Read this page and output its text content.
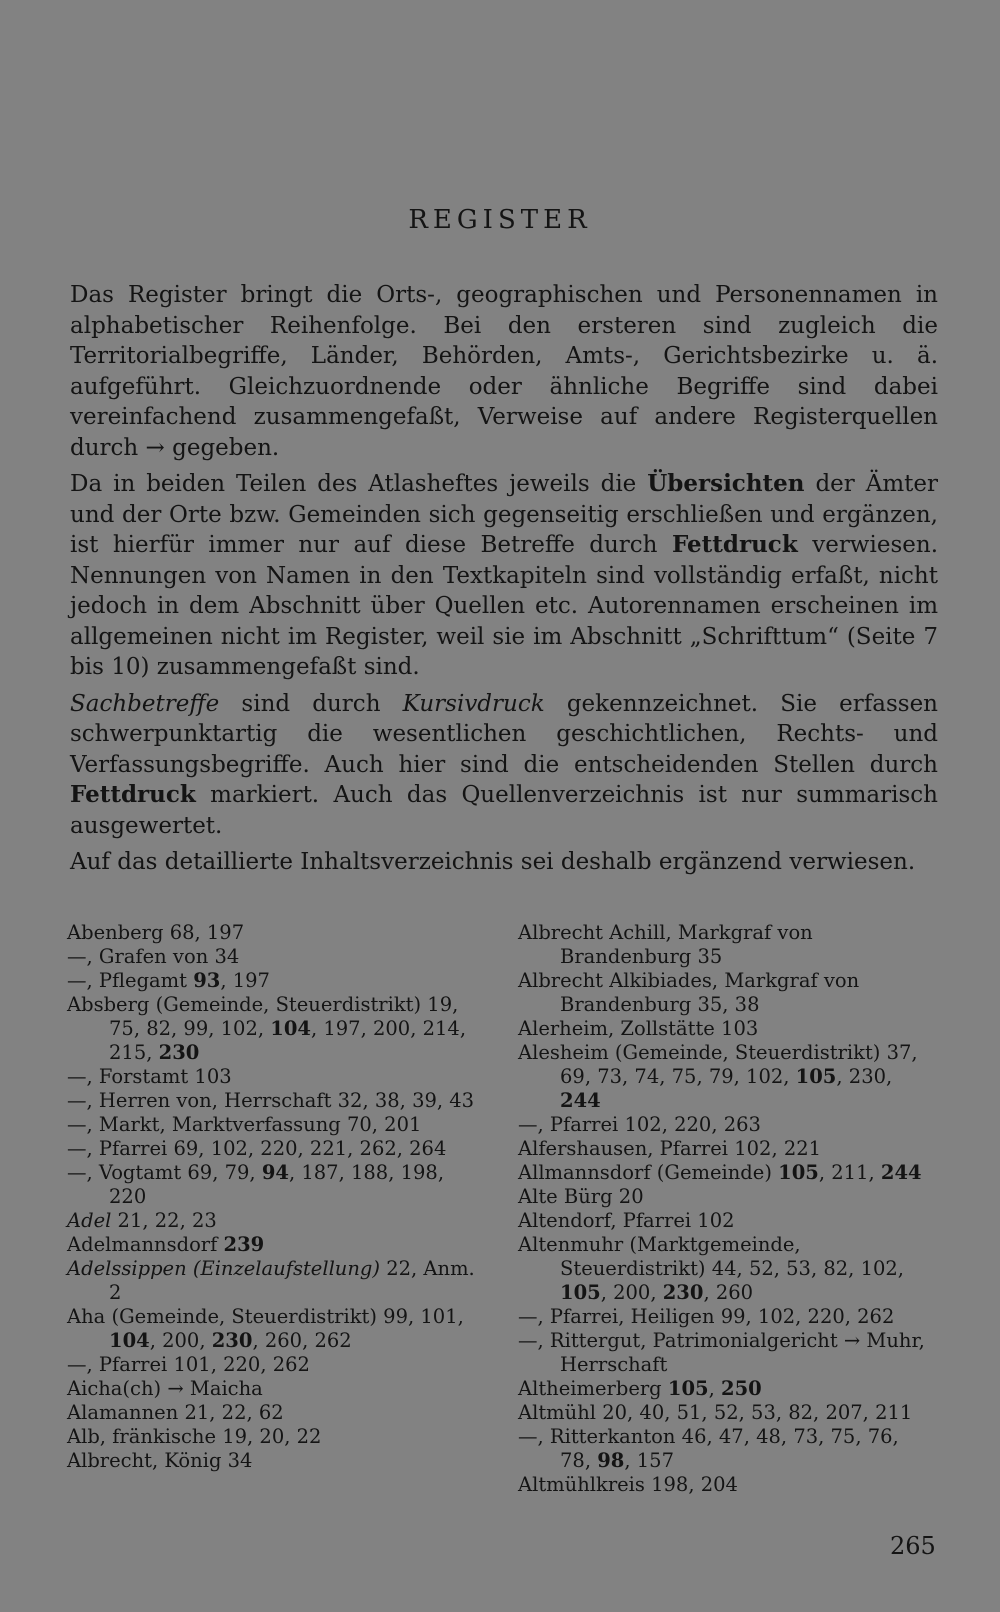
REGISTER

Das Register bringt die Orts-, geographischen und Personennamen in alphabetischer Reihenfolge. Bei den ersteren sind zugleich die Territorialbegriffe, Länder, Behörden, Amts-, Gerichtsbezirke u. ä. aufgeführt. Gleichzuordnende oder ähnliche Begriffe sind dabei vereinfachend zusammengefaßt, Verweise auf andere Registerquellen durch → gegeben.

Da in beiden Teilen des Atlasheftes jeweils die Übersichten der Ämter und der Orte bzw. Gemeinden sich gegenseitig erschließen und ergänzen, ist hierfür immer nur auf diese Betreffe durch Fettdruck verwiesen. Nennungen von Namen in den Textkapiteln sind vollständig erfaßt, nicht jedoch in dem Abschnitt über Quellen etc. Autorennamen erscheinen im allgemeinen nicht im Register, weil sie im Abschnitt „Schrifttum“ (Seite 7 bis 10) zusammengefaßt sind.

Sachbetreffe sind durch Kursivdruck gekennzeichnet. Sie erfassen schwerpunktartig die wesentlichen geschichtlichen, Rechts- und Verfassungsbegriffe. Auch hier sind die entscheidenden Stellen durch Fettdruck markiert. Auch das Quellenverzeichnis ist nur summarisch ausgewertet.

Auf das detaillierte Inhaltsverzeichnis sei deshalb ergänzend verwiesen.

Abenberg 68, 197

—, Grafen von 34

—, Pflegamt 93, 197

Absberg (Gemeinde, Steuerdistrikt) 19, 75, 82, 99, 102, 104, 197, 200, 214, 215, 230

—, Forstamt 103

—, Herren von, Herrschaft 32, 38, 39, 43

—, Markt, Marktverfassung 70, 201

—, Pfarrei 69, 102, 220, 221, 262, 264

—, Vogtamt 69, 79, 94, 187, 188, 198, 220

Adel 21, 22, 23

Adelmannsdorf 239

Adelssippen (Einzelaufstellung) 22, Anm. 2

Aha (Gemeinde, Steuerdistrikt) 99, 101, 104, 200, 230, 260, 262

—, Pfarrei 101, 220, 262

Aicha(ch) → Maicha

Alamannen 21, 22, 62

Alb, fränkische 19, 20, 22

Albrecht, König 34

Albrecht Achill, Markgraf von Brandenburg 35

Albrecht Alkibiades, Markgraf von Brandenburg 35, 38

Alerheim, Zollstätte 103

Alesheim (Gemeinde, Steuerdistrikt) 37, 69, 73, 74, 75, 79, 102, 105, 230, 244

—, Pfarrei 102, 220, 263

Alfershausen, Pfarrei 102, 221

Allmannsdorf (Gemeinde) 105, 211, 244

Alte Bürg 20

Altendorf, Pfarrei 102

Altenmuhr (Marktgemeinde, Steuerdistrikt) 44, 52, 53, 82, 102, 105, 200, 230, 260

—, Pfarrei, Heiligen 99, 102, 220, 262

—, Rittergut, Patrimonialgericht → Muhr, Herrschaft

Altheimerberg 105, 250

Altmühl 20, 40, 51, 52, 53, 82, 207, 211

—, Ritterkanton 46, 47, 48, 73, 75, 76, 78, 98, 157

Altmühlkreis 198, 204

265
